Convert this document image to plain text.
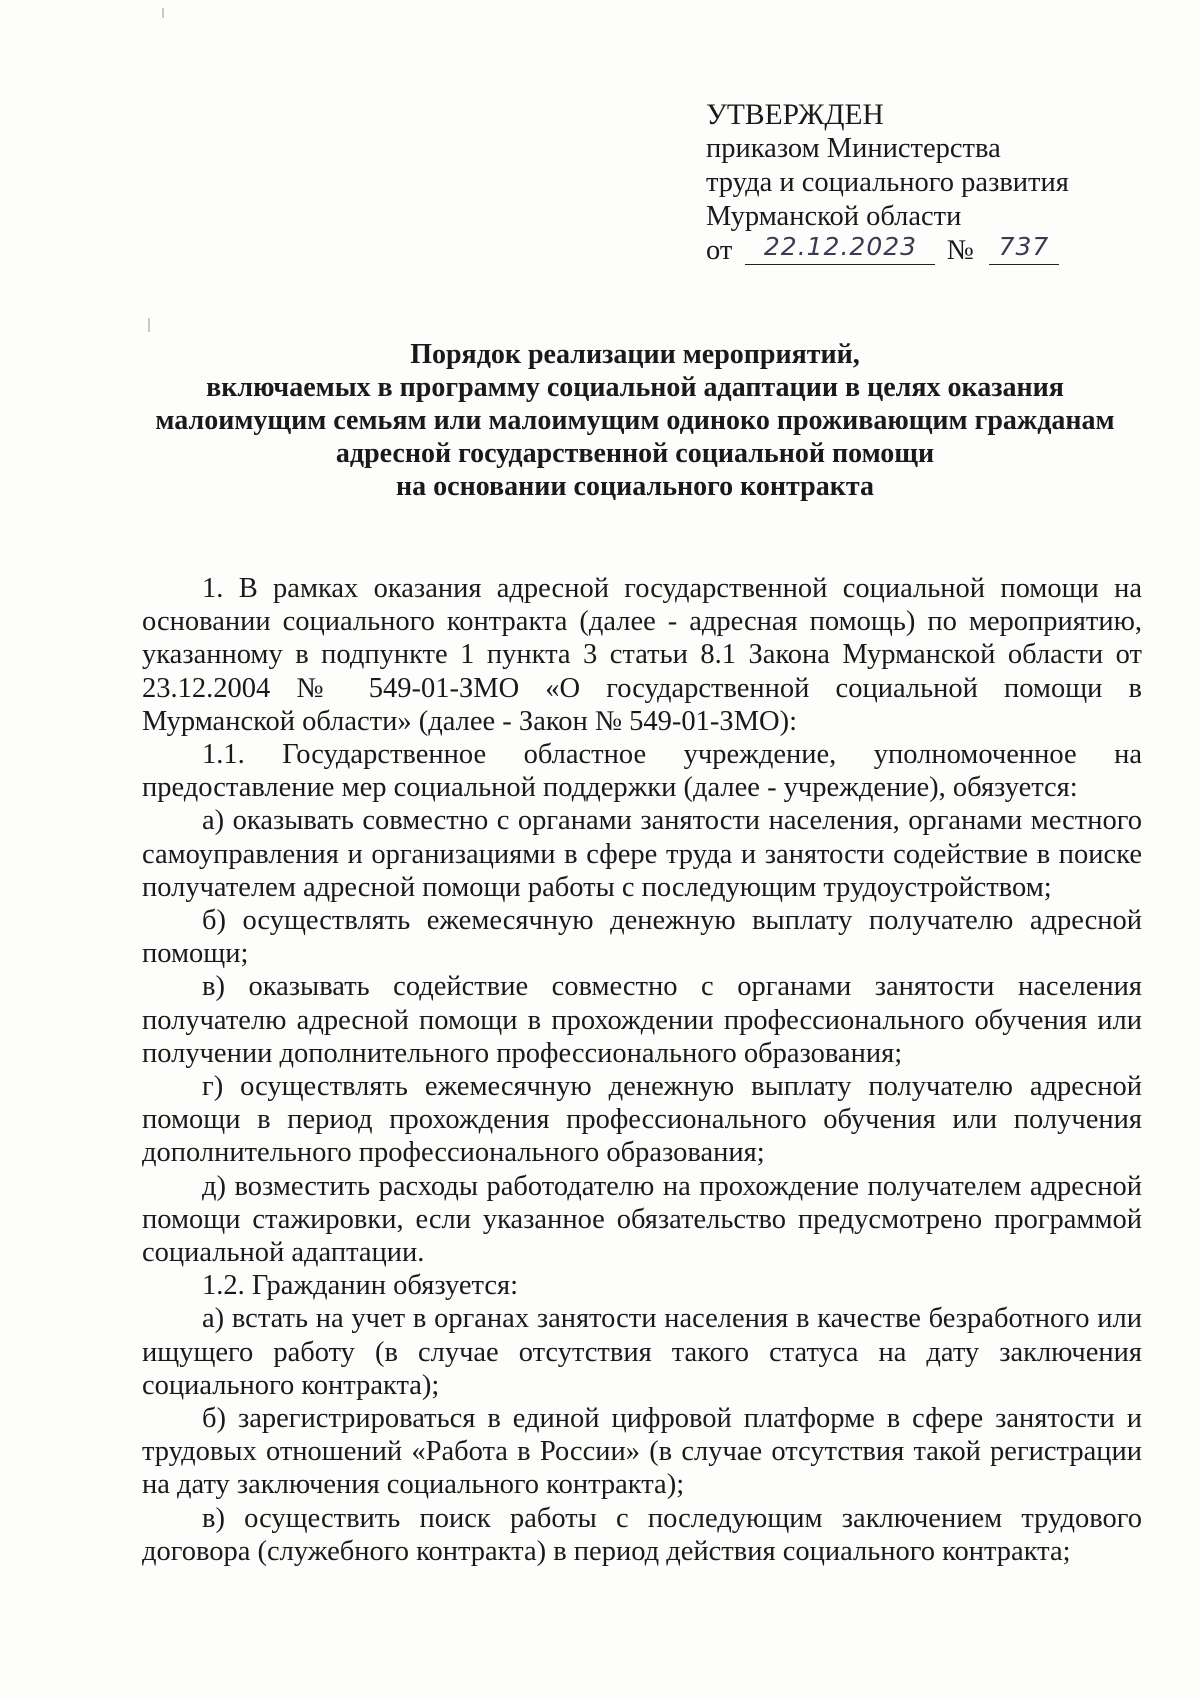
УТВЕРЖДЕН
приказом Министерства
труда и социального развития
Мурманской области
от 22.12.2023 № 737
Порядок реализации мероприятий,
включаемых в программу социальной адаптации в целях оказания
малоимущим семьям или малоимущим одиноко проживающим гражданам
адресной государственной социальной помощи
на основании социального контракта

1. В рамках оказания адресной государственной социальной помощи на основании социального контракта (далее - адресная помощь) по мероприятию, указанному в подпункте 1 пункта 3 статьи 8.1 Закона Мурманской области от 23.12.2004 № 549-01-ЗМО «О государственной социальной помощи в Мурманской области» (далее - Закон № 549-01-ЗМО):

1.1. Государственное областное учреждение, уполномоченное на предоставление мер социальной поддержки (далее - учреждение), обязуется:

а) оказывать совместно с органами занятости населения, органами местного самоуправления и организациями в сфере труда и занятости содействие в поиске получателем адресной помощи работы с последующим трудоустройством;

б) осуществлять ежемесячную денежную выплату получателю адресной помощи;

в) оказывать содействие совместно с органами занятости населения получателю адресной помощи в прохождении профессионального обучения или получении дополнительного профессионального образования;

г) осуществлять ежемесячную денежную выплату получателю адресной помощи в период прохождения профессионального обучения или получения дополнительного профессионального образования;

д) возместить расходы работодателю на прохождение получателем адресной помощи стажировки, если указанное обязательство предусмотрено программой социальной адаптации.

1.2. Гражданин обязуется:

а) встать на учет в органах занятости населения в качестве безработного или ищущего работу (в случае отсутствия такого статуса на дату заключения социального контракта);

б) зарегистрироваться в единой цифровой платформе в сфере занятости и трудовых отношений «Работа в России» (в случае отсутствия такой регистрации на дату заключения социального контракта);

в) осуществить поиск работы с последующим заключением трудового договора (служебного контракта) в период действия социального контракта;
